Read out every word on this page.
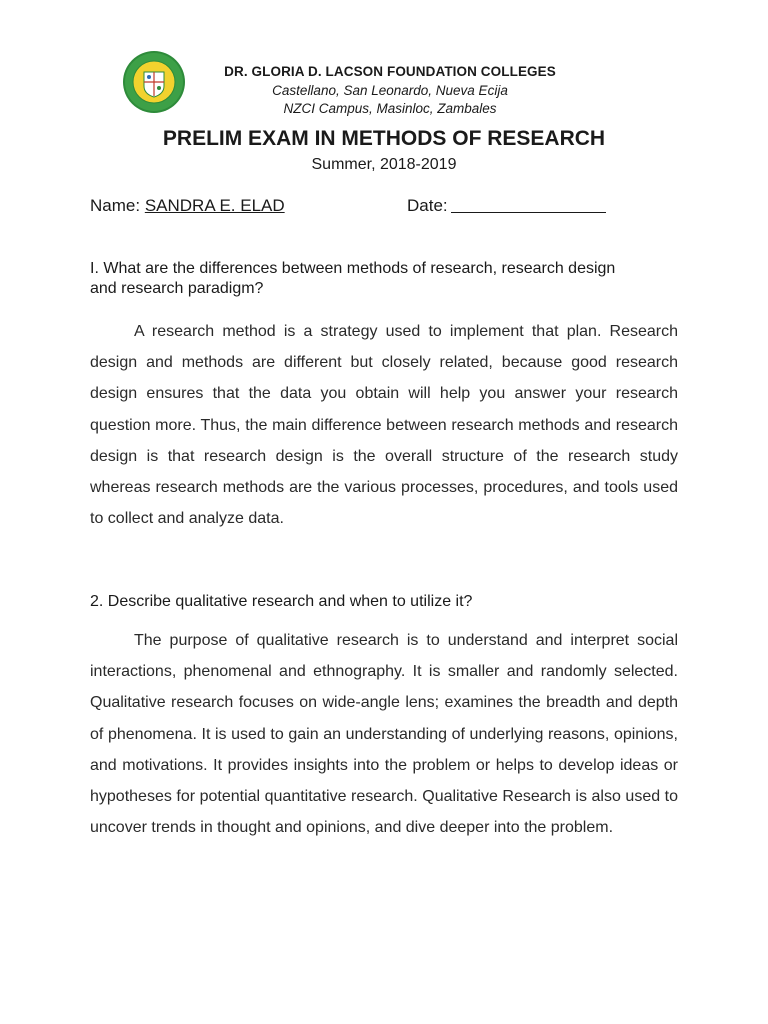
DR. GLORIA D. LACSON FOUNDATION COLLEGES
Castellano, San Leonardo, Nueva Ecija
NZCI Campus, Masinloc, Zambales
PRELIM EXAM IN METHODS OF RESEARCH
Summer, 2018-2019
Name: SANDRA E. ELAD	Date:
I. What are the differences between methods of research, research design and research paradigm?
A research method is a strategy used to implement that plan. Research design and methods are different but closely related, because good research design ensures that the data you obtain will help you answer your research question more. Thus, the main difference between research methods and research design is that research design is the overall structure of the research study whereas research methods are the various processes, procedures, and tools used to collect and analyze data.
2. Describe qualitative research and when to utilize it?
The purpose of qualitative research is to understand and interpret social interactions, phenomenal and ethnography. It is smaller and randomly selected. Qualitative research focuses on wide-angle lens; examines the breadth and depth of phenomena. It is used to gain an understanding of underlying reasons, opinions, and motivations. It provides insights into the problem or helps to develop ideas or hypotheses for potential quantitative research. Qualitative Research is also used to uncover trends in thought and opinions, and dive deeper into the problem.
